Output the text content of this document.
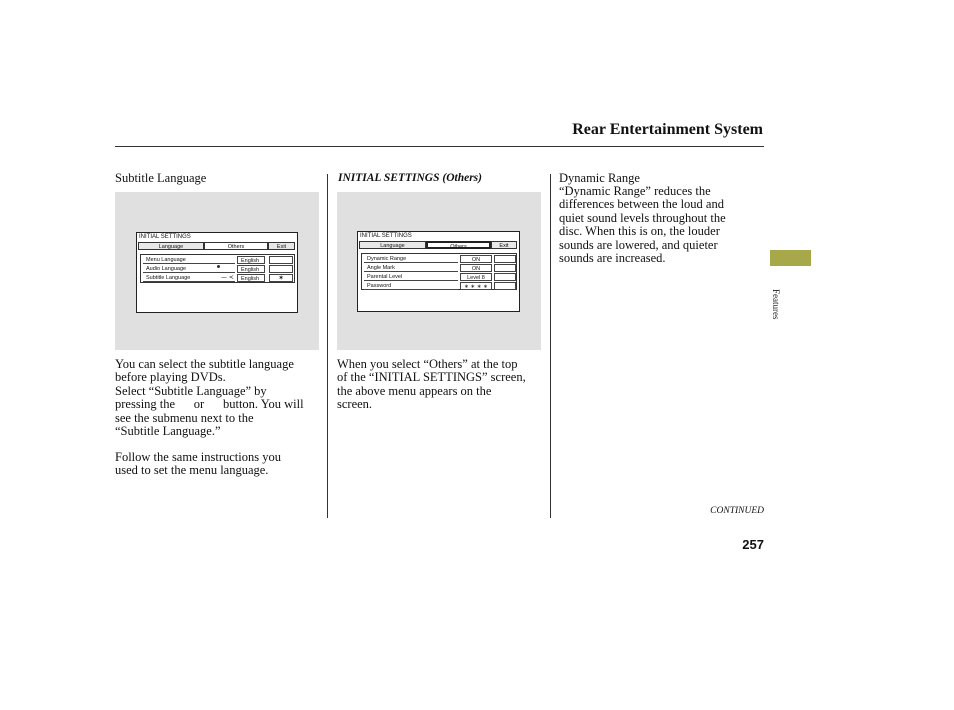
Rear Entertainment System
Subtitle Language
INITIAL SETTINGS
Language	Others	Exit
Menu Language	English
Audio Language	English
Subtitle Language	— <	English	✶
You can select the subtitle language
before playing DVDs.
Select “Subtitle Language” by
pressing the      or      button. You will
see the submenu next to the
“Subtitle Language.”
Follow the same instructions you
used to set the menu language.
INITIAL SETTINGS (Others)
INITIAL SETTINGS
Language	Others	Exit
Dynamic Range	ON
Angle Mark	ON
Parental Level	Level 8
Password	∗ ∗ ∗ ∗
When you select “Others” at the top
of the “INITIAL SETTINGS” screen,
the above menu appears on the
screen.
Dynamic Range
“Dynamic Range” reduces the
differences between the loud and
quiet sound levels throughout the
disc. When this is on, the louder
sounds are lowered, and quieter
sounds are increased.
Features
CONTINUED
257
